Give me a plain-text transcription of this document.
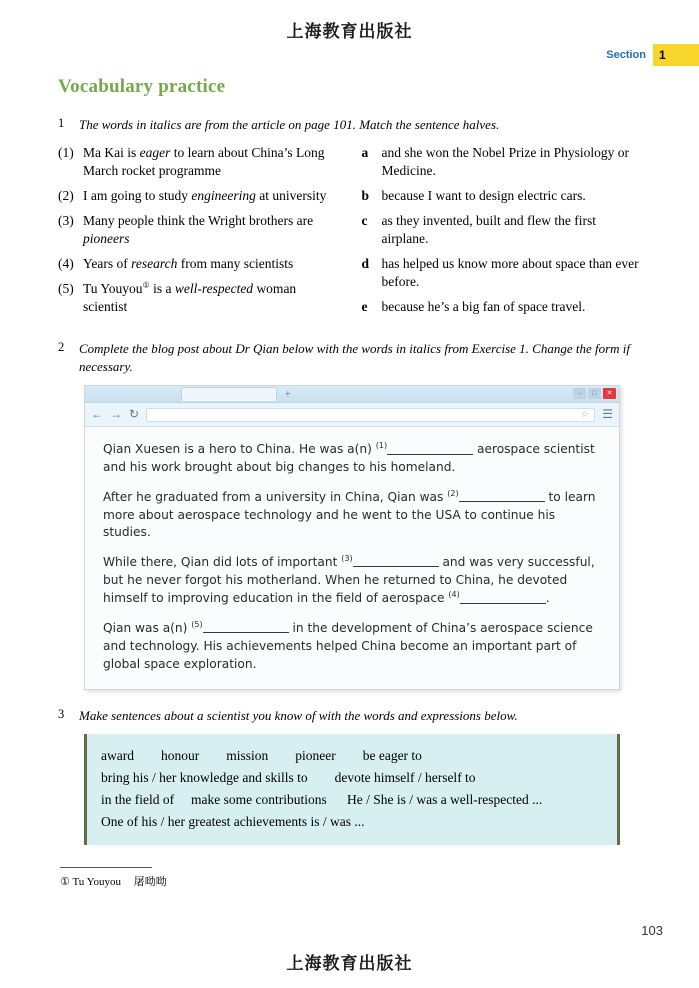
上海教育出版社
Section	1
Vocabulary practice
1	The words in italics are from the article on page 101. Match the sentence halves.
(1) Ma Kai is eager to learn about China’s Long March rocket programme
(2) I am going to study engineering at university
(3) Many people think the Wright brothers are pioneers
(4) Years of research from many scientists
(5) Tu Youyou① is a well-respected woman scientist
a and she won the Nobel Prize in Physiology or Medicine.
b because I want to design electric cars.
c	as they invented, built and flew the first airplane.
d has helped us know more about space than ever before.
e	because he’s a big fan of space travel.
2	Complete the blog post about Dr Qian below with the words in italics from Exercise 1. Change the form if necessary.
+	–	□	✕
← → ↻	☆ ☰

Qian Xuesen is a hero to China. He was a(n) $^{(1)}$	aerospace scientist and his work brought about big changes to his homeland.

After he graduated from a university in China, Qian was $^{(2)}$	to learn more about aerospace technology and he went to the USA to continue his studies.

While there, Qian did lots of important $^{(3)}$	and was very successful, but he never forgot his motherland. When he returned to China, he devoted himself to improving education in the field of aerospace $^{(4)}$	.

Qian was a(n) $^{(5)}$	in the development of China’s aerospace science and technology. His achievements helped China become an important part of global space exploration.

3	Make sentences about a scientist you know of with the words and expressions below.
award        honour        mission        pioneer        be eager to
bring his / her knowledge and skills to        devote himself / herself to
in the field of     make some contributions      He / She is / was a well-respected ...
One of his / her greatest achievements is / was ...
① Tu Youyou 屠呦呦
103
上海教育出版社
